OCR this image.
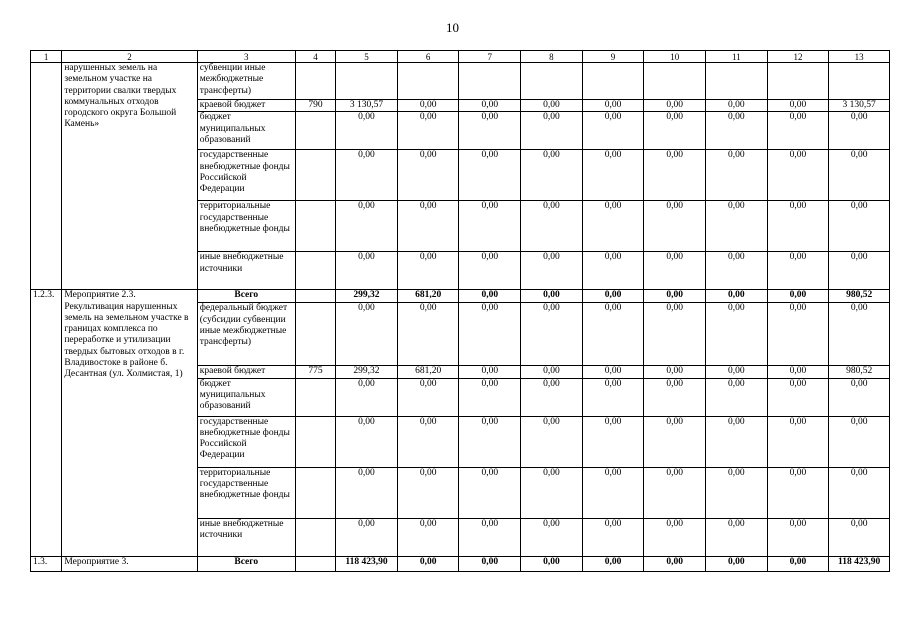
10
1	2	3	4	5	6	7	8	9	10	11	12	13
	нарушенных земель на земельном участке на территории свалки твердых коммунальных отходов городского округа Большой Камень»	субвенции иные межбюджетные трансферты)										
		краевой бюджет	790	3 130,57	0,00	0,00	0,00	0,00	0,00	0,00	0,00	3 130,57
		бюджет муниципальных образований		0,00	0,00	0,00	0,00	0,00	0,00	0,00	0,00	0,00
		государственные внебюджетные фонды Российской Федерации		0,00	0,00	0,00	0,00	0,00	0,00	0,00	0,00	0,00
		территориальные государственные внебюджетные фонды		0,00	0,00	0,00	0,00	0,00	0,00	0,00	0,00	0,00
		иные внебюджетные источники		0,00	0,00	0,00	0,00	0,00	0,00	0,00	0,00	0,00
1.2.3.	Мероприятие 2.3. Рекультивация нарушенных земель на земельном участке в границах комплекса по переработке и утилизации твердых бытовых отходов в г. Владивостоке в районе б. Десантная (ул. Холмистая, 1)	Всего		299,32	681,20	0,00	0,00	0,00	0,00	0,00	0,00	980,52
		федеральный бюджет (субсидии субвенции иные межбюджетные трансферты)		0,00	0,00	0,00	0,00	0,00	0,00	0,00	0,00	0,00
		краевой бюджет	775	299,32	681,20	0,00	0,00	0,00	0,00	0,00	0,00	980,52
		бюджет муниципальных образований		0,00	0,00	0,00	0,00	0,00	0,00	0,00	0,00	0,00
		государственные внебюджетные фонды Российской Федерации		0,00	0,00	0,00	0,00	0,00	0,00	0,00	0,00	0,00
		территориальные государственные внебюджетные фонды		0,00	0,00	0,00	0,00	0,00	0,00	0,00	0,00	0,00
		иные внебюджетные источники		0,00	0,00	0,00	0,00	0,00	0,00	0,00	0,00	0,00
1.3.	Мероприятие 3.	Всего		118 423,90	0,00	0,00	0,00	0,00	0,00	0,00	0,00	118 423,90
